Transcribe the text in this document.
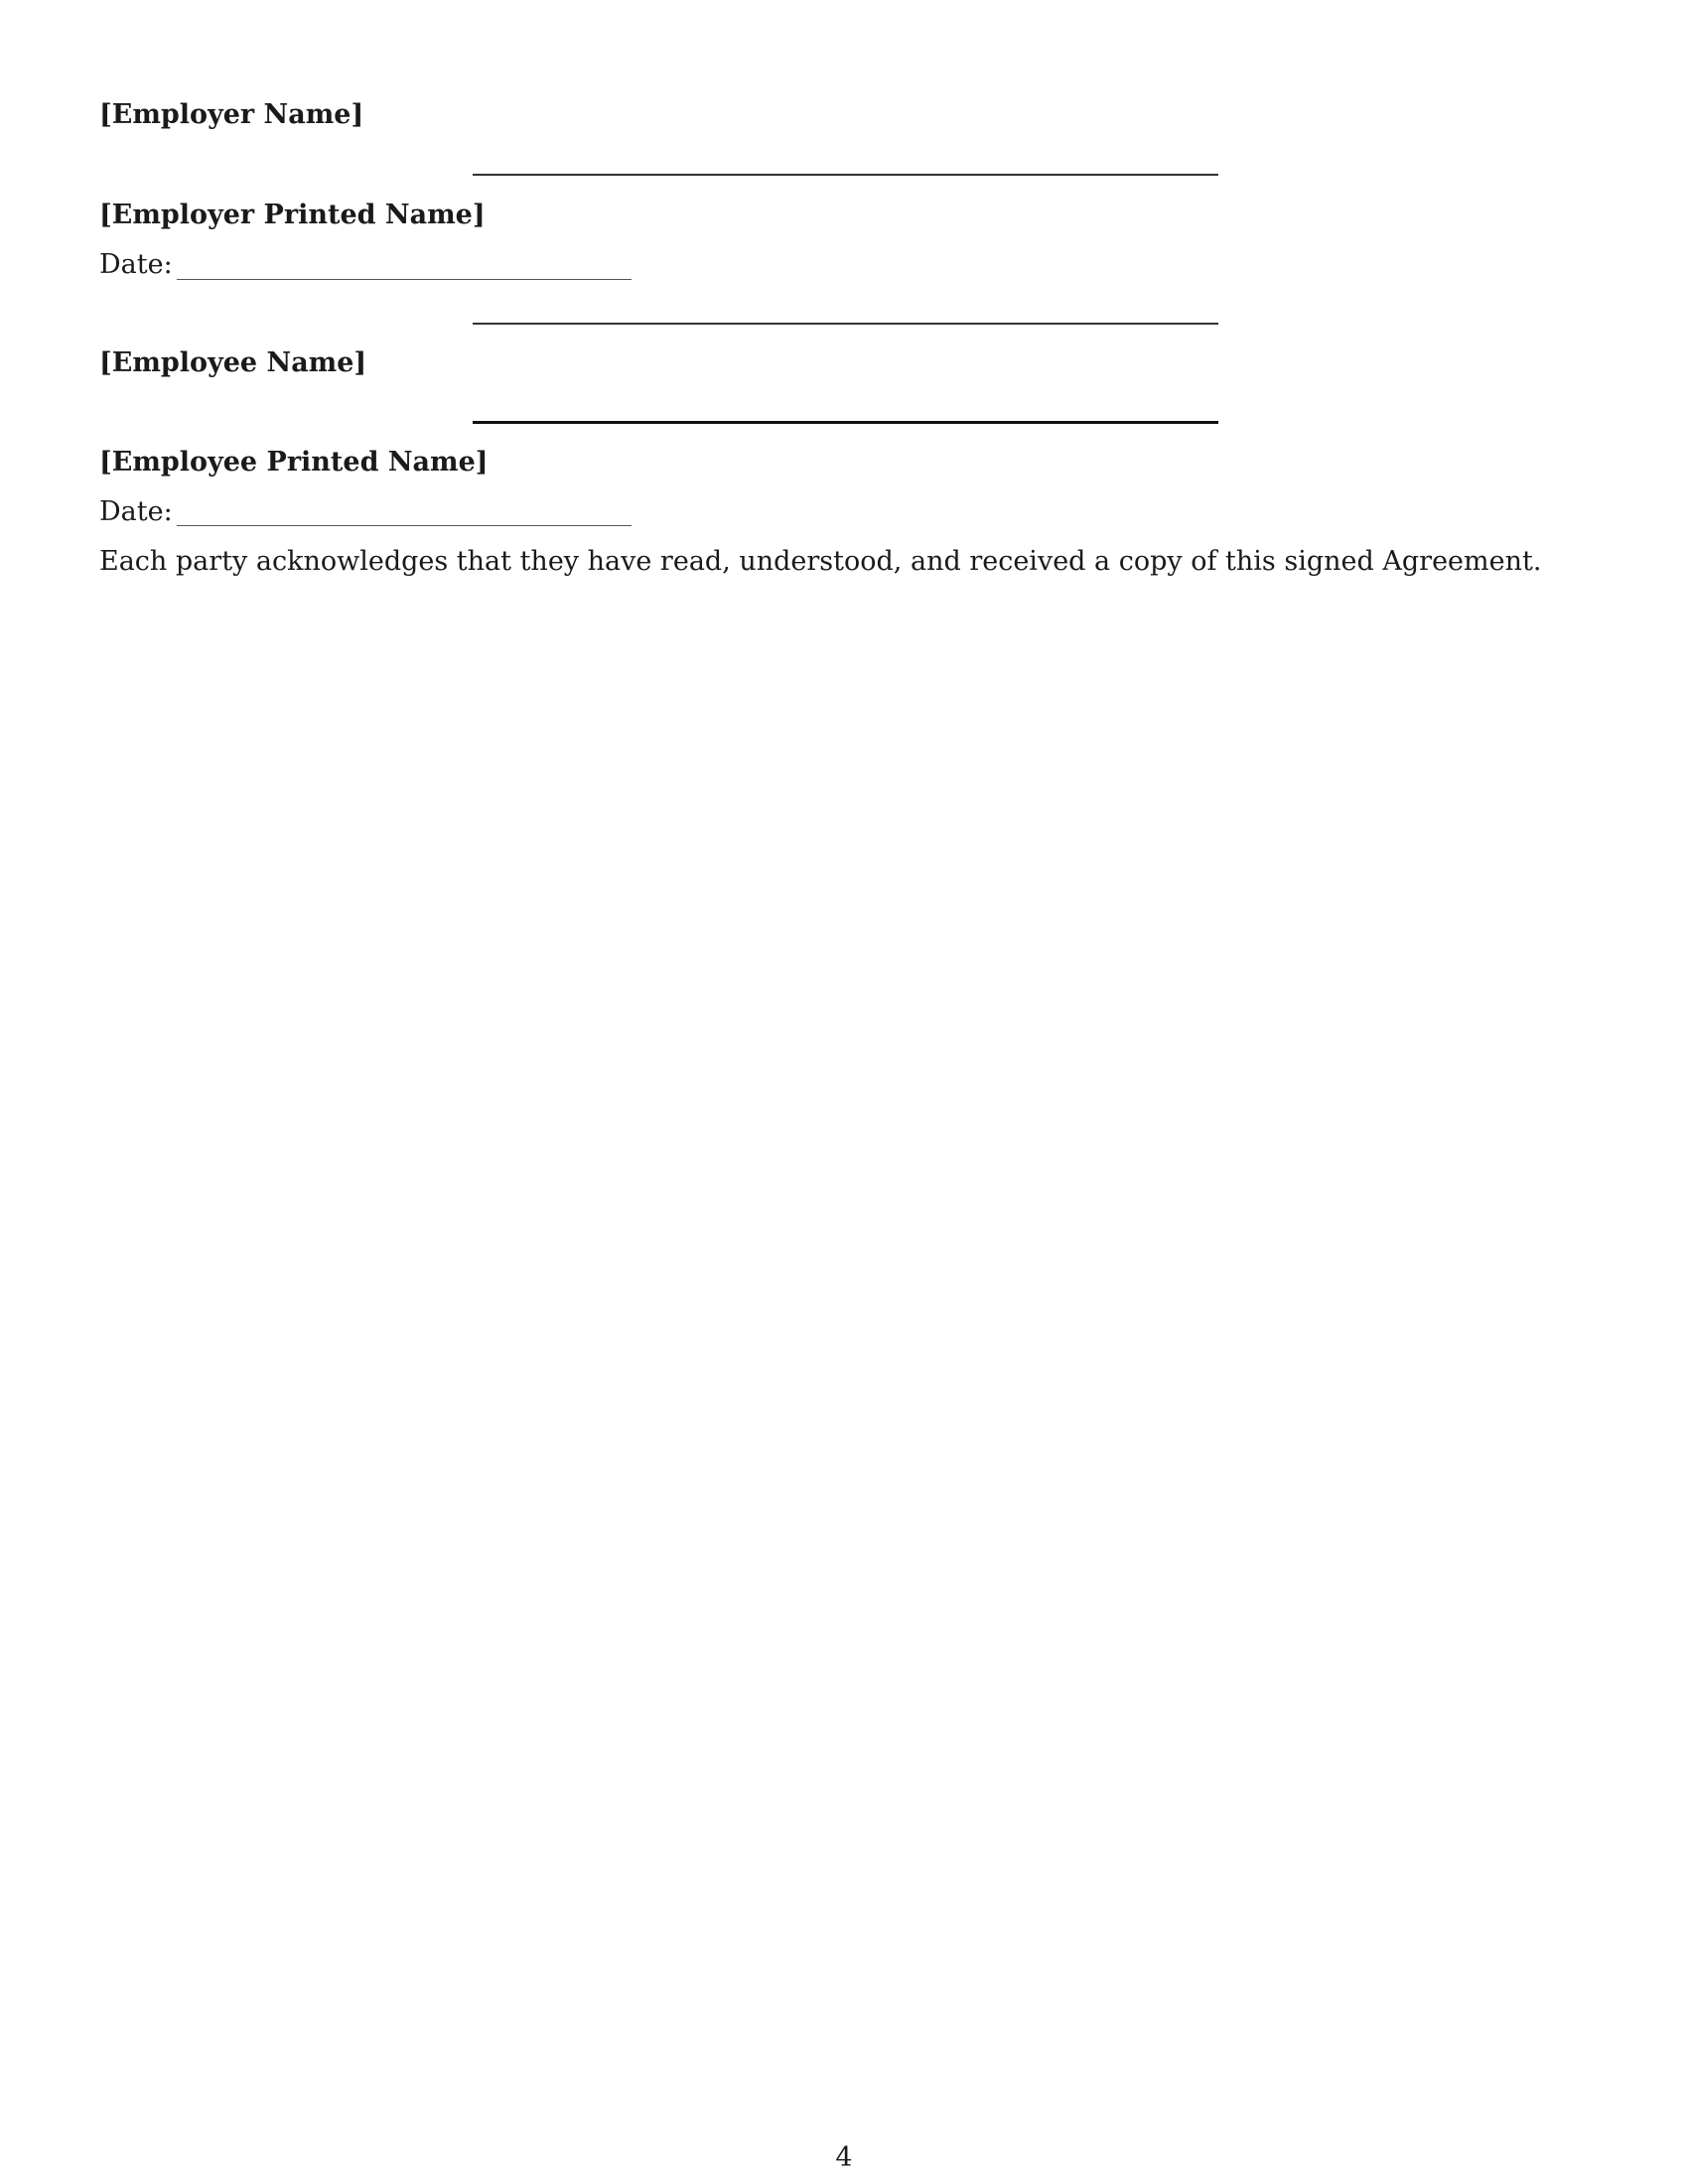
[Employer Name]
[Employer Printed Name]
Date:
[Employee Name]
[Employee Printed Name]
Date:
Each party acknowledges that they have read, understood, and received a copy of this signed Agreement.
4
